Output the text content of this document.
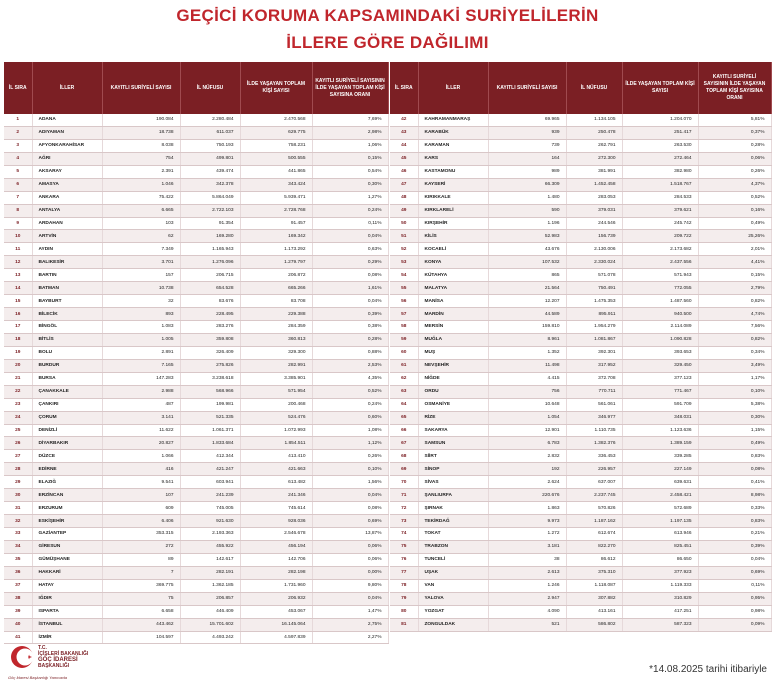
GEÇİCİ KORUMA KAPSAMINDAKİ SURİYELİLERİN
İLLERE GÖRE DAĞILIMI
İL SIRA	İLLER	KAYITLI SURİYELİ SAYISI	İL NÜFUSU	İLDE YAŞAYAN TOPLAM KİŞİ SAYISI	KAYITLI SURİYELİ SAYISININ İLDE YAŞAYAN TOPLAM KİŞİ SAYISINA ORANI
1	ADANA	190.084	2.280.484	2.470.568	7,69%
2	ADIYAMAN	18.738	611.037	629.775	2,98%
3	AFYONKARAHİSAR	8.038	750.193	758.231	1,06%
4	AĞRI	754	499.801	500.555	0,15%
5	AKSARAY	2.391	439.474	441.865	0,54%
6	AMASYA	1.046	342.378	343.424	0,30%
7	ANKARA	75.422	5.864.049	5.939.471	1,27%
8	ANTALYA	6.665	2.722.103	2.728.768	0,24%
9	ARDAHAN	103	91.354	91.457	0,11%
10	ARTVİN	62	169.280	169.342	0,04%
11	AYDIN	7.349	1.165.943	1.173.292	0,63%
12	BALIKESİR	3.701	1.276.096	1.279.797	0,29%
13	BARTIN	157	206.715	206.872	0,08%
14	BATMAN	10.738	654.528	665.266	1,61%
15	BAYBURT	32	83.676	83.708	0,04%
16	BİLECİK	893	228.495	229.388	0,39%
17	BİNGÖL	1.083	283.276	284.359	0,38%
18	BİTLİS	1.005	359.808	360.813	0,28%
19	BOLU	2.891	326.409	329.300	0,88%
20	BURDUR	7.165	275.826	282.991	2,53%
21	BURSA	147.283	3.238.618	3.385.901	4,35%
22	ÇANAKKALE	2.988	568.966	571.954	0,52%
23	ÇANKIRI	487	199.981	200.468	0,24%
24	ÇORUM	3.141	521.335	524.476	0,60%
25	DENİZLİ	11.622	1.061.371	1.072.993	1,08%
26	DİYARBAKIR	20.827	1.833.684	1.854.511	1,12%
27	DÜZCE	1.066	412.344	413.410	0,26%
28	EDİRNE	416	421.247	421.663	0,10%
29	ELAZIĞ	9.541	603.941	613.482	1,56%
30	ERZİNCAN	107	241.239	241.346	0,04%
31	ERZURUM	609	745.005	745.614	0,08%
32	ESKİŞEHİR	6.406	921.630	928.036	0,69%
33	GAZİANTEP	353.315	2.193.363	2.546.678	13,87%
34	GİRESUN	272	455.922	456.194	0,06%
35	GÜMÜŞHANE	89	142.617	142.706	0,06%
36	HAKKARİ	7	282.191	282.198	0,00%
37	HATAY	369.775	1.362.185	1.731.960	9,80%
38	IĞDIR	75	206.857	206.932	0,04%
39	ISPARTA	6.658	446.409	453.067	1,47%
40	İSTANBUL	443.462	15.701.602	16.145.064	2,75%
41	İZMİR	104.597	4.493.242	4.597.839	2,27%
İL SIRA	İLLER	KAYITLI SURİYELİ SAYISI	İL NÜFUSU	İLDE YAŞAYAN TOPLAM KİŞİ SAYISI	KAYITLI SURİYELİ SAYISININ İLDE YAŞAYAN TOPLAM KİŞİ SAYISINA ORANI
42	KAHRAMANMARAŞ	69.965	1.134.105	1.204.070	5,81%
43	KARABÜK	939	250.478	251.417	0,37%
44	KARAMAN	739	262.791	263.530	0,28%
45	KARS	164	272.300	272.464	0,06%
46	KASTAMONU	989	381.991	382.980	0,26%
47	KAYSERİ	66.309	1.452.458	1.518.767	4,37%
48	KIRIKKALE	1.480	283.053	284.533	0,52%
49	KIRKLARELİ	590	379.031	379.621	0,16%
50	KIRŞEHİR	1.196	244.546	245.742	0,49%
51	KİLİS	52.983	156.739	209.722	25,26%
52	KOCAELİ	43.676	2.130.006	2.173.682	2,01%
53	KONYA	107.532	2.330.024	2.437.556	4,41%
54	KÜTAHYA	865	571.078	571.943	0,15%
55	MALATYA	21.564	750.491	772.055	2,79%
56	MANİSA	12.207	1.475.353	1.487.560	0,82%
57	MARDİN	44.589	895.911	940.500	4,74%
58	MERSİN	159.810	1.954.279	2.114.089	7,56%
59	MUĞLA	8.961	1.081.867	1.090.828	0,82%
60	MUŞ	1.352	392.301	393.653	0,34%
61	NEVŞEHİR	11.498	317.952	329.450	3,49%
62	NİĞDE	4.415	372.708	377.123	1,17%
63	ORDU	756	770.711	771.467	0,10%
64	OSMANİYE	10.648	561.061	591.709	5,38%
65	RİZE	1.054	346.977	348.031	0,30%
66	SAKARYA	12.901	1.110.735	1.123.636	1,15%
67	SAMSUN	6.783	1.382.376	1.389.159	0,49%
68	SİİRT	2.832	336.453	339.285	0,83%
69	SİNOP	192	226.957	227.149	0,08%
70	SİVAS	2.624	637.007	639.631	0,41%
71	ŞANLIURFA	220.676	2.237.745	2.458.421	8,98%
72	ŞIRNAK	1.863	570.826	572.689	0,33%
73	TEKİRDAĞ	9.973	1.187.162	1.197.135	0,83%
74	TOKAT	1.272	612.674	613.946	0,21%
75	TRABZON	3.181	822.270	825.451	0,39%
76	TUNCELİ	38	86.612	86.650	0,04%
77	UŞAK	2.613	375.310	377.923	0,69%
78	VAN	1.246	1.118.087	1.119.333	0,11%
79	YALOVA	2.947	307.882	310.829	0,95%
80	YOZGAT	4.090	413.161	417.251	0,98%
81	ZONGULDAK	521	586.802	587.323	0,09%
T.C.
İÇİŞLERİ BAKANLIĞI
GÖÇ İDARESİ
BAŞKANLIĞI
Göç İdaresi Başkanlığı Yanınızda
*14.08.2025 tarihi itibariyle
